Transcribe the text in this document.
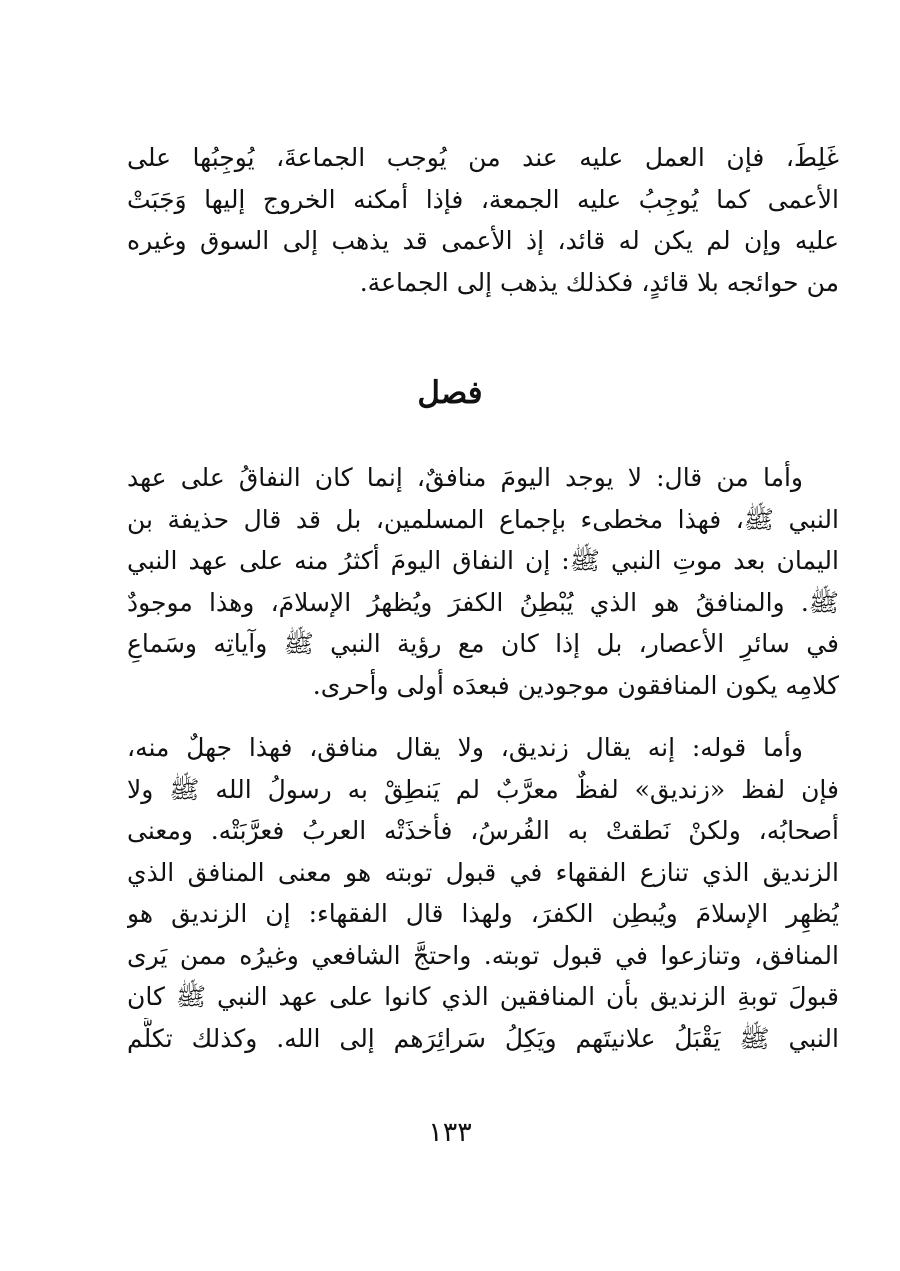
غَلِطَ، فإن العمل عليه عند من يُوجب الجماعةَ، يُوجِبُها على
الأعمى كما يُوجِبُ عليه الجمعة، فإذا أمكنه الخروج إليها وَجَبَتْ
عليه وإن لم يكن له قائد، إذ الأعمى قد يذهب إلى السوق وغيره
من حوائجه بلا قائدٍ، فكذلك يذهب إلى الجماعة.
فصل
وأما من قال: لا يوجد اليومَ منافقٌ، إنما كان النفاقُ على عهد
النبي ﷺ، فهذا مخطىء بإجماع المسلمين، بل قد قال حذيفة بن
اليمان بعد موتِ النبي ﷺ: إن النفاق اليومَ أكثرُ منه على عهد النبي
ﷺ. والمنافقُ هو الذي يُبْطِنُ الكفرَ ويُظهرُ الإسلامَ، وهذا موجودٌ
في سائرِ الأعصار، بل إذا كان مع رؤية النبي ﷺ وآياتِه وسَماعِ
كلامِه يكون المنافقون موجودين فبعدَه أولى وأحرى.
وأما قوله: إنه يقال زنديق، ولا يقال منافق، فهذا جهلٌ منه،
فإن لفظ «زنديق» لفظٌ معرَّبٌ لم يَنطِقْ به رسولُ الله ﷺ ولا
أصحابُه، ولكنْ نَطقتْ به الفُرسُ، فأخذَتْه العربُ فعرَّبَتْه. ومعنى
الزنديق الذي تنازع الفقهاء في قبول توبته هو معنى المنافق الذي
يُظهِر الإسلامَ ويُبطِن الكفرَ، ولهذا قال الفقهاء: إن الزنديق هو
المنافق، وتنازعوا في قبول توبته. واحتجَّ الشافعي وغيرُه ممن يَرى
قبولَ توبةِ الزنديق بأن المنافقين الذي كانوا على عهد النبي ﷺ كان
النبي ﷺ يَقْبَلُ علانيتَهم ويَكِلُ سَرائِرَهم إلى الله. وكذلك تكلَّم
١٣٣
